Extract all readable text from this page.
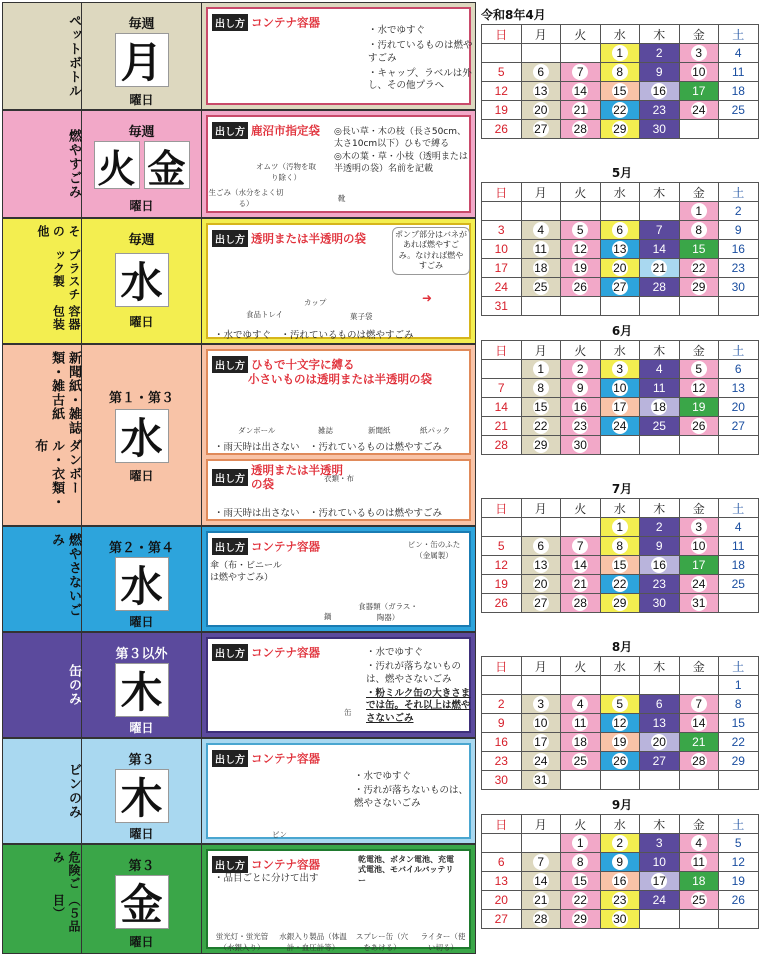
ペットボトル	毎週
月
曜日
出し方 コンテナ容器
・水でゆすぐ
・汚れているものは燃やすごみ
・キャップ、ラベルは外し、その他プラへ
燃やすごみ	毎週
火 金
曜日
出し方 鹿沼市指定袋 ◎長い草・木の枝（長さ50cm、太さ10cm以下）ひもで縛る
◎木の葉・草・小枝（透明または半透明の袋）名前を記載
オムツ（汚物を取り除く）
生ごみ（水分をよく切る）
靴
その他
プラスチック製
容器包装
毎週
水
曜日
出し方 透明または半透明の袋	ポンプ部分はバネがあれば燃やすごみ。なければ燃やすごみ
➜
カップ
食品トレイ	菓子袋
・水でゆすぐ　・汚れているものは燃やすごみ
新聞紙・雑誌類・雑古紙
ダンボール・衣類・布
第１・第３
水
曜日
出し方 ひもで十文字に縛る
小さいものは透明または半透明の袋
ダンボール	雑誌	新聞紙	紙パック
・雨天時は出さない　・汚れているものは燃やすごみ
出し方透明または半透明の袋	衣類・布
・雨天時は出さない　・汚れているものは燃やすごみ
燃やさないごみ
第２・第４
水
曜日
出し方 コンテナ容器
傘（布・ビニールは燃やすごみ）
ビン・缶のふた（金属製）
鍋
食器類（ガラス・陶器）
缶のみ
第３以外
木
曜日
出し方 コンテナ容器	・水でゆすぐ
・汚れが落ちないものは、燃やさないごみ
・粉ミルク缶の大きさまでは缶。それ以上は燃やさないごみ
缶
ビンのみ
第３
木
曜日
出し方 コンテナ容器
・水でゆすぐ
・汚れが落ちないものは、燃やさないごみ
ビン
危険ごみ
（５品目）
第３
金
曜日
出し方 コンテナ容器
・品目ごとに分けて出す
乾電池、ボタン電池、充電式電池、モバイルバッテリー
蛍光灯・蛍光管（水銀入り）
水銀入り製品（体温計・血圧計等）
スプレー缶（穴をあける）
ライター（使い切る）
令和8年4月
日	月	火	水	木	金	土
			1	2	3	4
5	6	7	8	9	10	11
12	13	14	15	16	17	18
19	20	21	22	23	24	25
26	27	28	29	30		
5月
日	月	火	水	木	金	土
					1	2
3	4	5	6	7	8	9
10	11	12	13	14	15	16
17	18	19	20	21	22	23
24	25	26	27	28	29	30
31						
6月
日	月	火	水	木	金	土
	1	2	3	4	5	6
7	8	9	10	11	12	13
14	15	16	17	18	19	20
21	22	23	24	25	26	27
28	29	30				
7月
日	月	火	水	木	金	土
			1	2	3	4
5	6	7	8	9	10	11
12	13	14	15	16	17	18
19	20	21	22	23	24	25
26	27	28	29	30	31	
8月
日	月	火	水	木	金	土
						1
2	3	4	5	6	7	8
9	10	11	12	13	14	15
16	17	18	19	20	21	22
23	24	25	26	27	28	29
30	31					
9月
日	月	火	水	木	金	土
		1	2	3	4	5
6	7	8	9	10	11	12
13	14	15	16	17	18	19
20	21	22	23	24	25	26
27	28	29	30			
